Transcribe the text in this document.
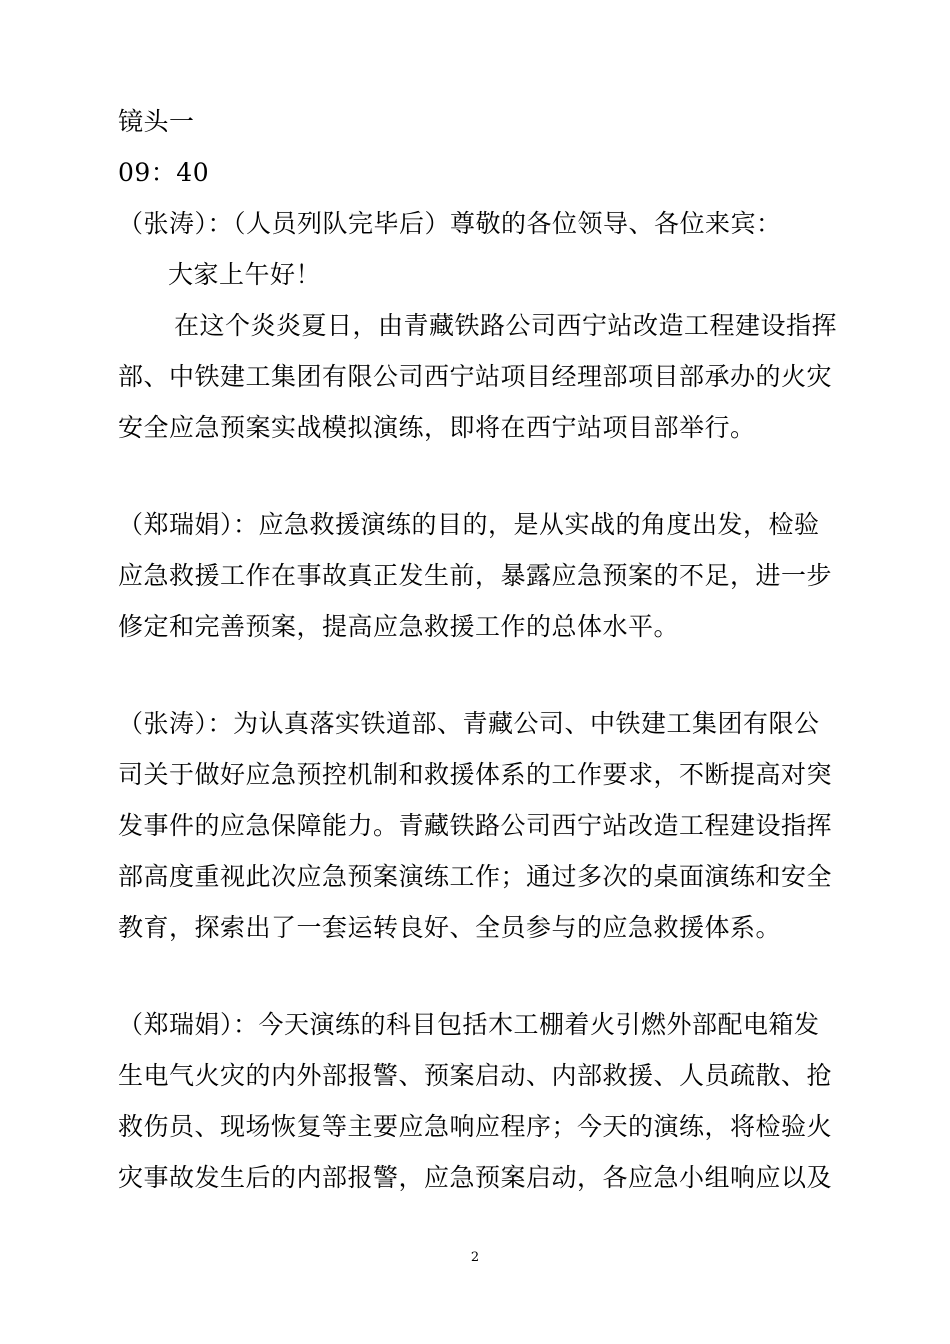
镜头一
09：40
（张涛）：（人员列队完毕后）尊敬的各位领导、各位来宾：
大家上午好！
在这个炎炎夏日，由青藏铁路公司西宁站改造工程建设指挥
部、中铁建工集团有限公司西宁站项目经理部项目部承办的火灾
安全应急预案实战模拟演练，即将在西宁站项目部举行。
（郑瑞娟）：应急救援演练的目的，是从实战的角度出发，检验
应急救援工作在事故真正发生前，暴露应急预案的不足，进一步
修定和完善预案，提高应急救援工作的总体水平。
（张涛）：为认真落实铁道部、青藏公司、中铁建工集团有限公
司关于做好应急预控机制和救援体系的工作要求，不断提高对突
发事件的应急保障能力。青藏铁路公司西宁站改造工程建设指挥
部高度重视此次应急预案演练工作；通过多次的桌面演练和安全
教育，探索出了一套运转良好、全员参与的应急救援体系。
（郑瑞娟）：今天演练的科目包括木工棚着火引燃外部配电箱发
生电气火灾的内外部报警、预案启动、内部救援、人员疏散、抢
救伤员、现场恢复等主要应急响应程序；今天的演练，将检验火
灾事故发生后的内部报警，应急预案启动，各应急小组响应以及
2
